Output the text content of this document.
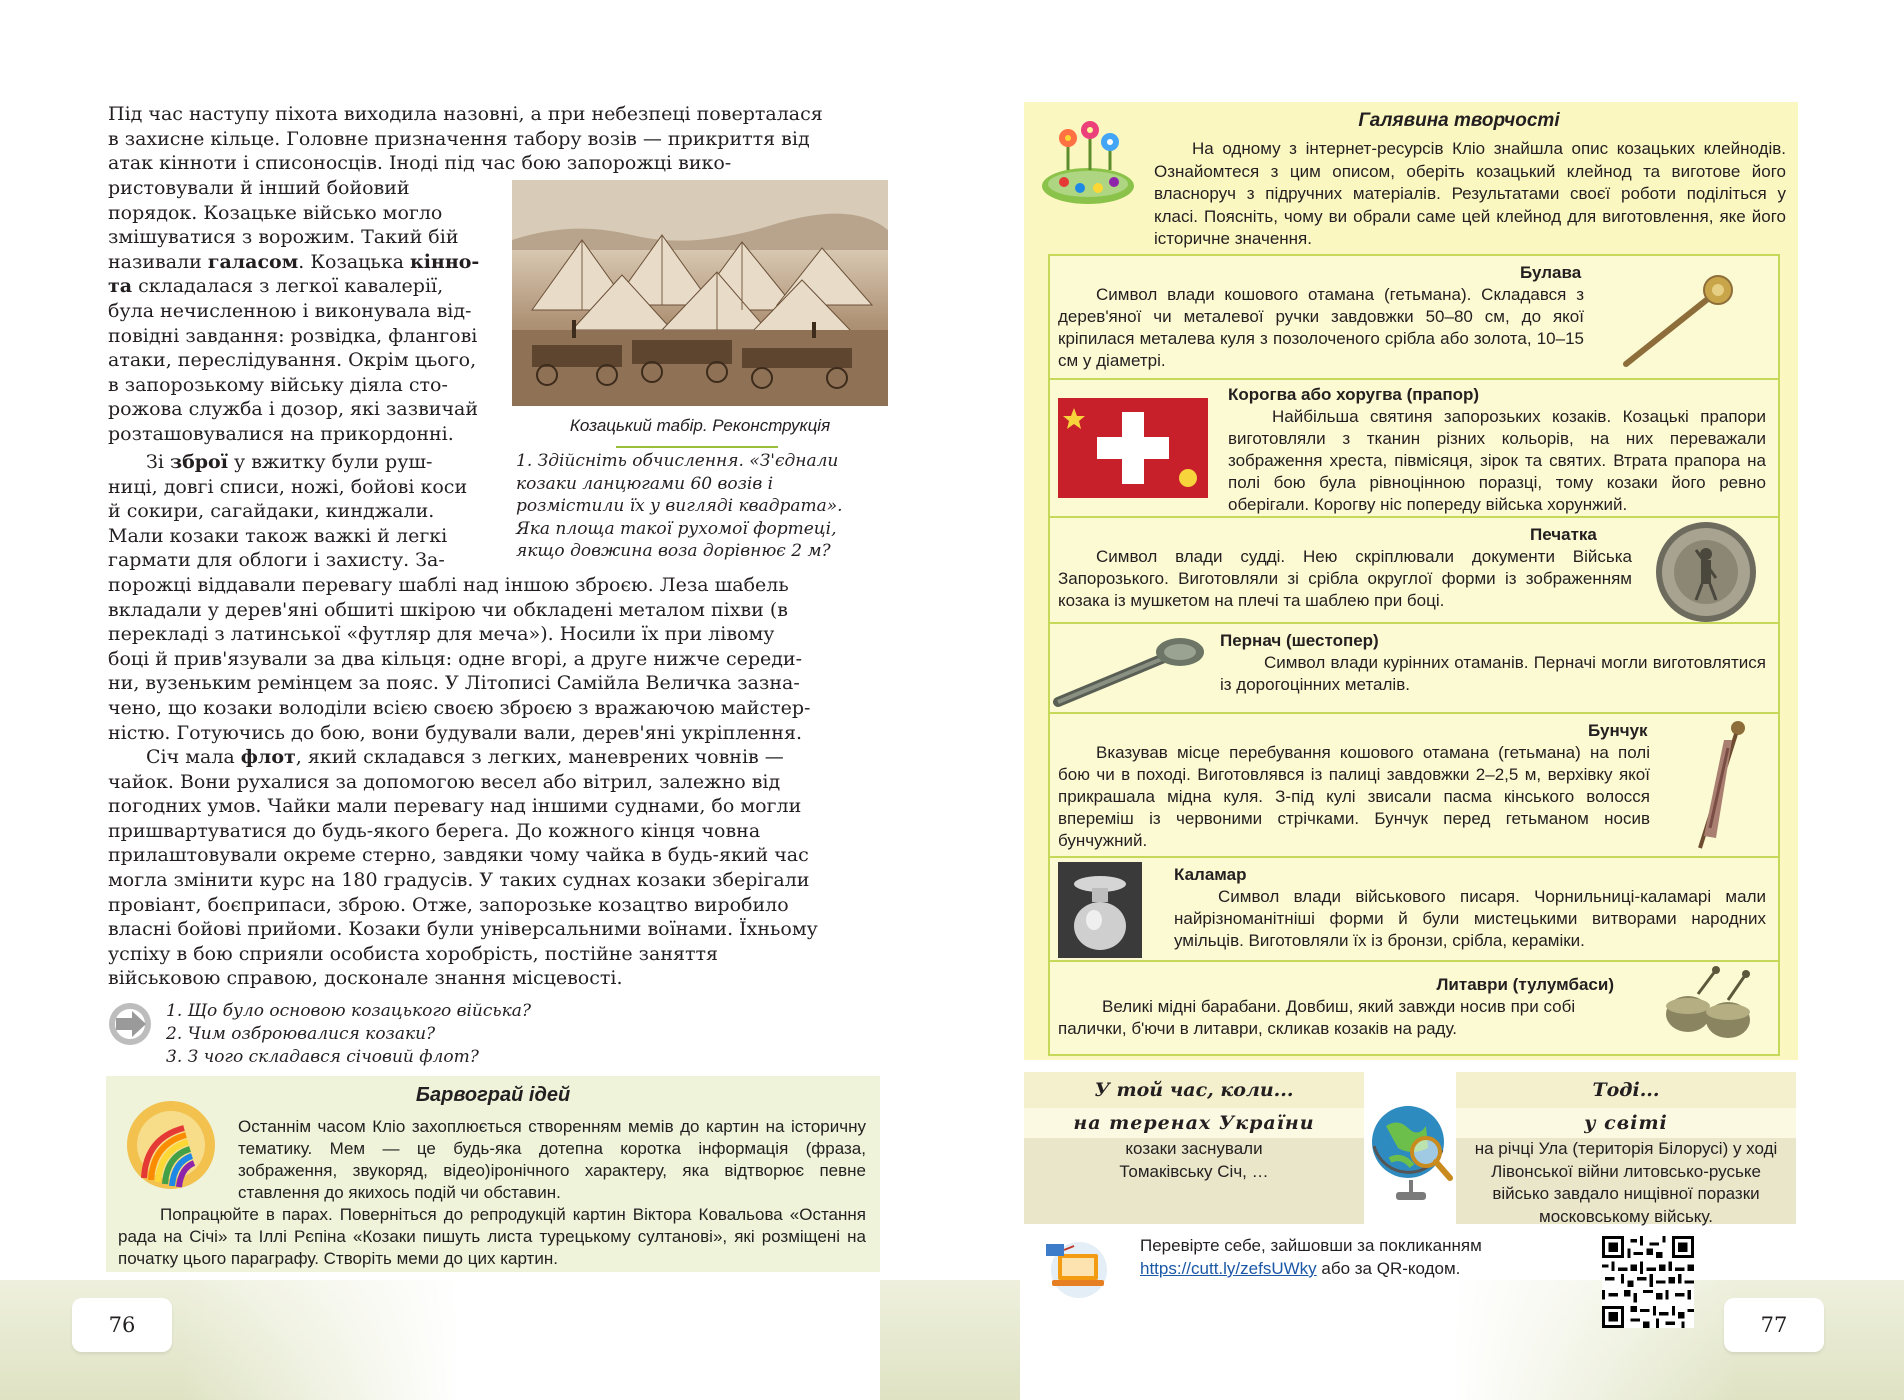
76	77

Під час наступу піхота виходила назовні, а при небезпеці поверталася

в захисне кільце. Головне призначення табору возів — прикриття від

атак кінноти і списоносців. Іноді під час бою запорожці вико-

ристовували й інший бойовий

порядок. Козацьке військо могло

змішуватися з ворожим. Такий бій

називали галасом. Козацька кінно-

та складалася з легкої кавалерії,

була нечисленною і виконувала від-

повідні завдання: розвідка, флангові

атаки, переслідування. Окрім цього,

в запорозькому війську діяла сто-

рожова служба і дозор, які зазвичай

розташовувалися на прикордонні.	Козацький табір. Реконструкція

Зі зброї у вжитку були руш-

ниці, довгі списи, ножі, бойові коси

й сокири, сагайдаки, кинджали.

Мали козаки також важкі й легкі

гармати для облоги і захисту. За-

1. Здійсніть обчислення. «З'єднали
козаки ланцюгами 60 возів і
розмістили їх у вигляді квадрата».
Яка площа такої рухомої фортеці,
якщо довжина воза дорівнює 2 м?

порожці віддавали перевагу шаблі над іншою зброєю. Леза шабель

вкладали у дерев'яні обшиті шкірою чи обкладені металом піхви (в

перекладі з латинської «футляр для меча»). Носили їх при лівому

боці й прив'язували за два кільця: одне вгорі, а друге нижче середи-

ни, вузеньким ремінцем за пояс. У Літописі Самійла Величка зазна-

чено, що козаки володіли всією своєю зброєю з вражаючою майстер-

ністю. Готуючись до бою, вони будували вали, дерев'яні укріплення.

Січ мала флот, який складався з легких, маневрених човнів —

чайок. Вони рухалися за допомогою весел або вітрил, залежно від

погодних умов. Чайки мали перевагу над іншими суднами, бо могли

пришвартуватися до будь-якого берега. До кожного кінця човна

прилаштовували окреме стерно, завдяки чому чайка в будь-який час

могла змінити курс на 180 градусів. У таких суднах козаки зберігали

провіант, боєприпаси, зброю. Отже, запорозьке козацтво виробило

власні бойові прийоми. Козаки були універсальними воїнами. Їхньому

успіху в бою сприяли особиста хоробрість, постійне заняття

військовою справою, досконале знання місцевості.

1. Що було основою козацького війська?
2. Чим озброювалися козаки?
3. З чого складався січовий флот?
Барвограй ідей
Останнім часом Кліо захоплюється створенням мемів до картин на історичну тематику. Мем — це будь-яка дотепна коротка інформація (фраза, зображення, звукоряд, відео)іронічного характеру, яка відтворює певне ставлення до якихось подій чи обставин.
Попрацюйте в парах. Поверніться до репродукцій картин Віктора Ковальова «Остання рада на Січі» та Іллі Рєпіна «Козаки пишуть листа турецькому султанові», які розміщені на початку цього параграфу. Створіть меми до цих картин.
Галявина творчості
На одному з інтернет-ресурсів Кліо знайшла опис козацьких клейнодів. Ознайомтеся з цим описом, оберіть козацький клейнод та виготове його власноруч з підручних матеріалів. Результатами своєї роботи поділіться у класі. Поясніть, чому ви обрали саме цей клейнод для виготовлення, яке його історичне значення.
Булава
Символ влади кошового отамана (гетьмана). Складався з дерев'яної чи металевої ручки завдовжки 50–80 см, до якої кріпилася металева куля з позолоченого срібла або золота, 10–15 см у діаметрі.
Корогва або хоругва (прапор)
Найбільша святиня запорозьких козаків. Козацькі прапори виготовляли з тканин різних кольорів, на них переважали зображення хреста, півмісяця, зірок та святих. Втрата прапора на полі бою була рівноцінною поразці, тому козаки його ревно оберігали. Корогву ніс попереду війська хорунжий.
Печатка
Символ влади судді. Нею скріплювали документи Війська Запорозького. Виготовляли зі срібла округлої форми із зображенням козака із мушкетом на плечі та шаблею при боці.
Пернач (шестопер)
Символ влади курінних отаманів. Перначі могли виготовлятися із дорогоцінних металів.
Бунчук
Вказував місце перебування кошового отамана (гетьмана) на полі бою чи в поході. Виготовлявся із палиці завдовжки 2–2,5 м, верхівку якої прикрашала мідна куля. З-під кулі звисали пасма кінського волосся впереміш із червоними стрічками. Бунчук перед гетьманом носив бунчужний.
Каламар
Символ влади військового писаря. Чорнильниці-каламарі мали найрізноманітніші форми й були мистецькими витворами народних умільців. Виготовляли їх із бронзи, срібла, кераміки.
Литаври (тулумбаси)
Великі мідні барабани. Довбиш, який завжди носив при собі палички, б'ючи в литаври, скликав козаків на раду.
У той час, коли...
на теренах України
козаки заснували Томаківську Січ, …
Тоді...
у світі
на річці Ула (територія Білорусі) у ході Лівонської війни литовсько-руське військо завдало нищівної поразки московському війську.
Перевірте себе, зайшовши за покликанням
https://cutt.ly/zefsUWky або за QR-кодом.
